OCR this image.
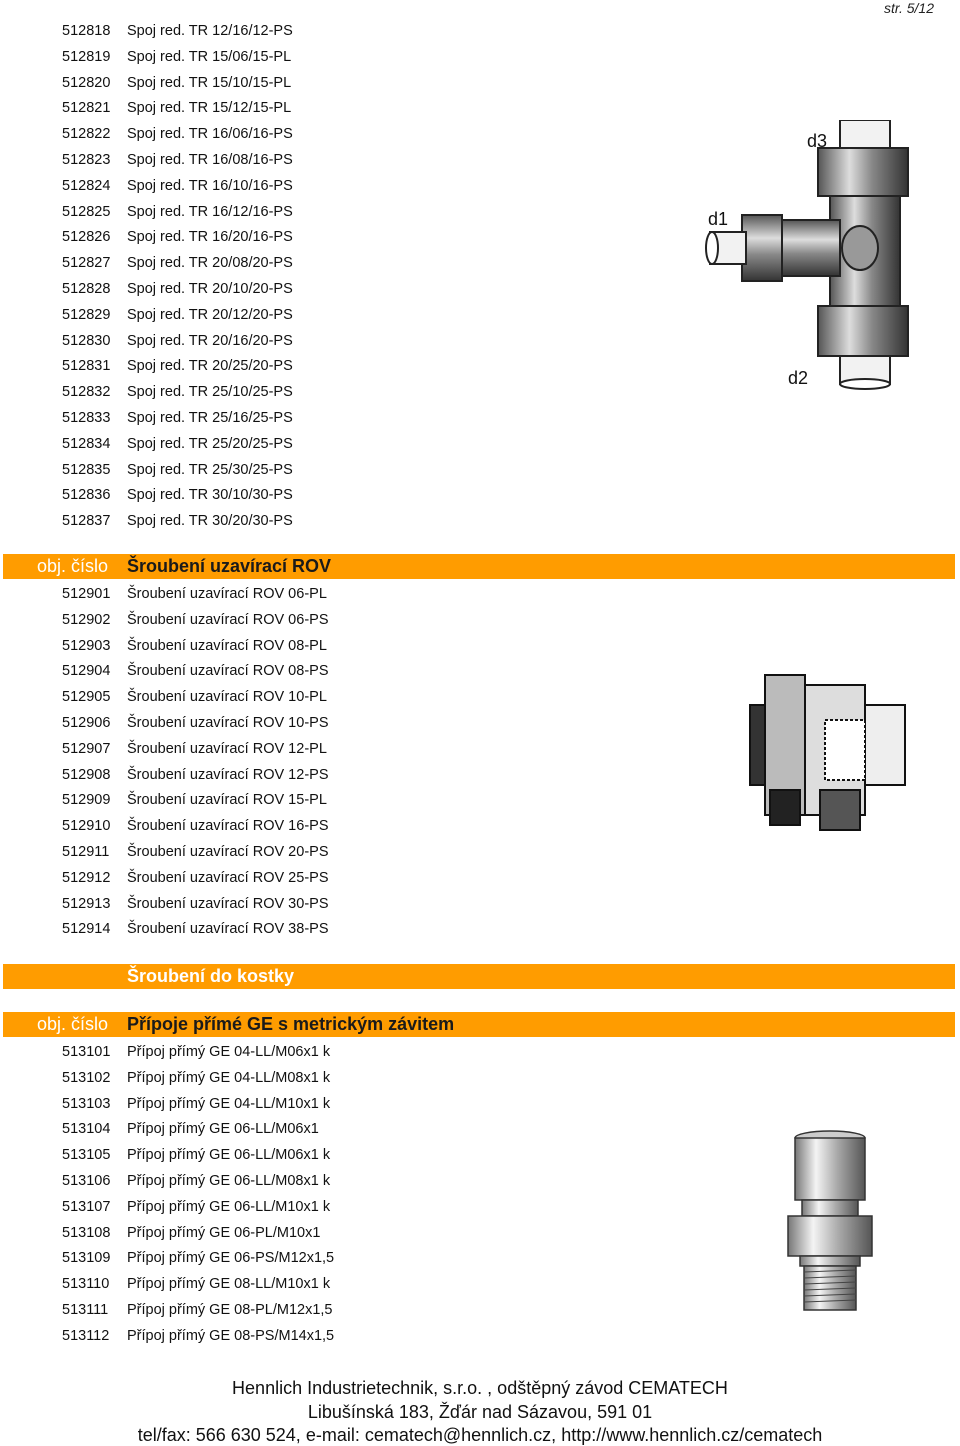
str. 5/12
512818 Spoj red. TR 12/16/12-PS
512819 Spoj red. TR 15/06/15-PL
512820 Spoj red. TR 15/10/15-PL
512821 Spoj red. TR 15/12/15-PL
512822 Spoj red. TR 16/06/16-PS
512823 Spoj red. TR 16/08/16-PS
512824 Spoj red. TR 16/10/16-PS
512825 Spoj red. TR 16/12/16-PS
512826 Spoj red. TR 16/20/16-PS
512827 Spoj red. TR 20/08/20-PS
512828 Spoj red. TR 20/10/20-PS
512829 Spoj red. TR 20/12/20-PS
512830 Spoj red. TR 20/16/20-PS
512831 Spoj red. TR 20/25/20-PS
512832 Spoj red. TR 25/10/25-PS
512833 Spoj red. TR 25/16/25-PS
512834 Spoj red. TR 25/20/25-PS
512835 Spoj red. TR 25/30/25-PS
512836 Spoj red. TR 30/10/30-PS
512837 Spoj red. TR 30/20/30-PS
d3
d1
d2
obj. číslo Šroubení uzavírací ROV
512901 Šroubení uzavírací ROV 06-PL
512902 Šroubení uzavírací ROV 06-PS
512903 Šroubení uzavírací ROV 08-PL
512904 Šroubení uzavírací ROV 08-PS
512905 Šroubení uzavírací ROV 10-PL
512906 Šroubení uzavírací ROV 10-PS
512907 Šroubení uzavírací ROV 12-PL
512908 Šroubení uzavírací ROV 12-PS
512909 Šroubení uzavírací ROV 15-PL
512910 Šroubení uzavírací ROV 16-PS
512911 Šroubení uzavírací ROV 20-PS
512912 Šroubení uzavírací ROV 25-PS
512913 Šroubení uzavírací ROV 30-PS
512914 Šroubení uzavírací ROV 38-PS
Šroubení do kostky
obj. číslo Přípoje přímé GE s metrickým závitem
513101 Přípoj přímý GE 04-LL/M06x1 k
513102 Přípoj přímý GE 04-LL/M08x1 k
513103 Přípoj přímý GE 04-LL/M10x1 k
513104 Přípoj přímý GE 06-LL/M06x1
513105 Přípoj přímý GE 06-LL/M06x1 k
513106 Přípoj přímý GE 06-LL/M08x1 k
513107 Přípoj přímý GE 06-LL/M10x1 k
513108 Přípoj přímý GE 06-PL/M10x1
513109 Přípoj přímý GE 06-PS/M12x1,5
513110 Přípoj přímý GE 08-LL/M10x1 k
513111 Přípoj přímý GE 08-PL/M12x1,5
513112 Přípoj přímý GE 08-PS/M14x1,5
Hennlich Industrietechnik, s.r.o. , odštěpný závod CEMATECH
Libušínská 183, Žďár nad Sázavou, 591 01
tel/fax: 566 630 524, e-mail: cematech@hennlich.cz, http://www.hennlich.cz/cematech
